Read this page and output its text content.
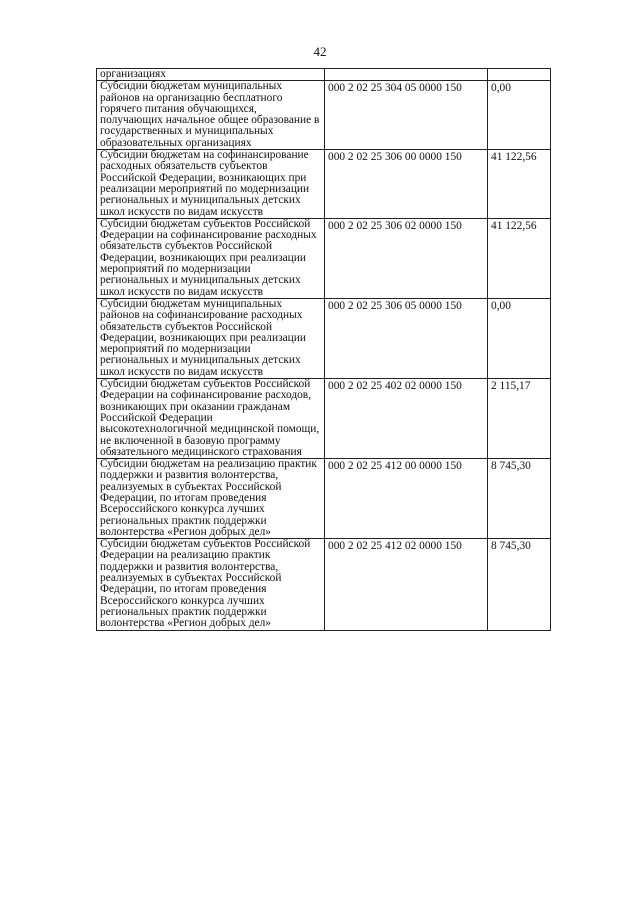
42
организациях		
Субсидии бюджетам муниципальных районов на организацию бесплатного горячего питания обучающихся, получающих начальное общее образование в государственных и муниципальных образовательных организациях	000 2 02 25 304 05 0000 150	0,00
Субсидии бюджетам на софинансирование расходных обязательств субъектов Российской Федерации, возникающих при реализации мероприятий по модернизации региональных и муниципальных детских школ искусств по видам искусств	000 2 02 25 306 00 0000 150	41 122,56
Субсидии бюджетам субъектов Российской Федерации на софинансирование расходных обязательств субъектов Российской Федерации, возникающих при реализации мероприятий по модернизации региональных и муниципальных детских школ искусств по видам искусств	000 2 02 25 306 02 0000 150	41 122,56
Субсидии бюджетам муниципальных районов на софинансирование расходных обязательств субъектов Российской Федерации, возникающих при реализации мероприятий по модернизации региональных и муниципальных детских школ искусств по видам искусств	000 2 02 25 306 05 0000 150	0,00
Субсидии бюджетам субъектов Российской Федерации на софинансирование расходов, возникающих при оказании гражданам Российской Федерации высокотехнологичной медицинской помощи, не включенной в базовую программу обязательного медицинского страхования	000 2 02 25 402 02 0000 150	2 115,17
Субсидии бюджетам на реализацию практик поддержки и развития волонтерства, реализуемых в субъектах Российской Федерации, по итогам проведения Всероссийского конкурса лучших региональных практик поддержки волонтерства «Регион добрых дел»	000 2 02 25 412 00 0000 150	8 745,30
Субсидии бюджетам субъектов Российской Федерации на реализацию практик поддержки и развития волонтерства, реализуемых в субъектах Российской Федерации, по итогам проведения Всероссийского конкурса лучших региональных практик поддержки волонтерства «Регион добрых дел»	000 2 02 25 412 02 0000 150	8 745,30
